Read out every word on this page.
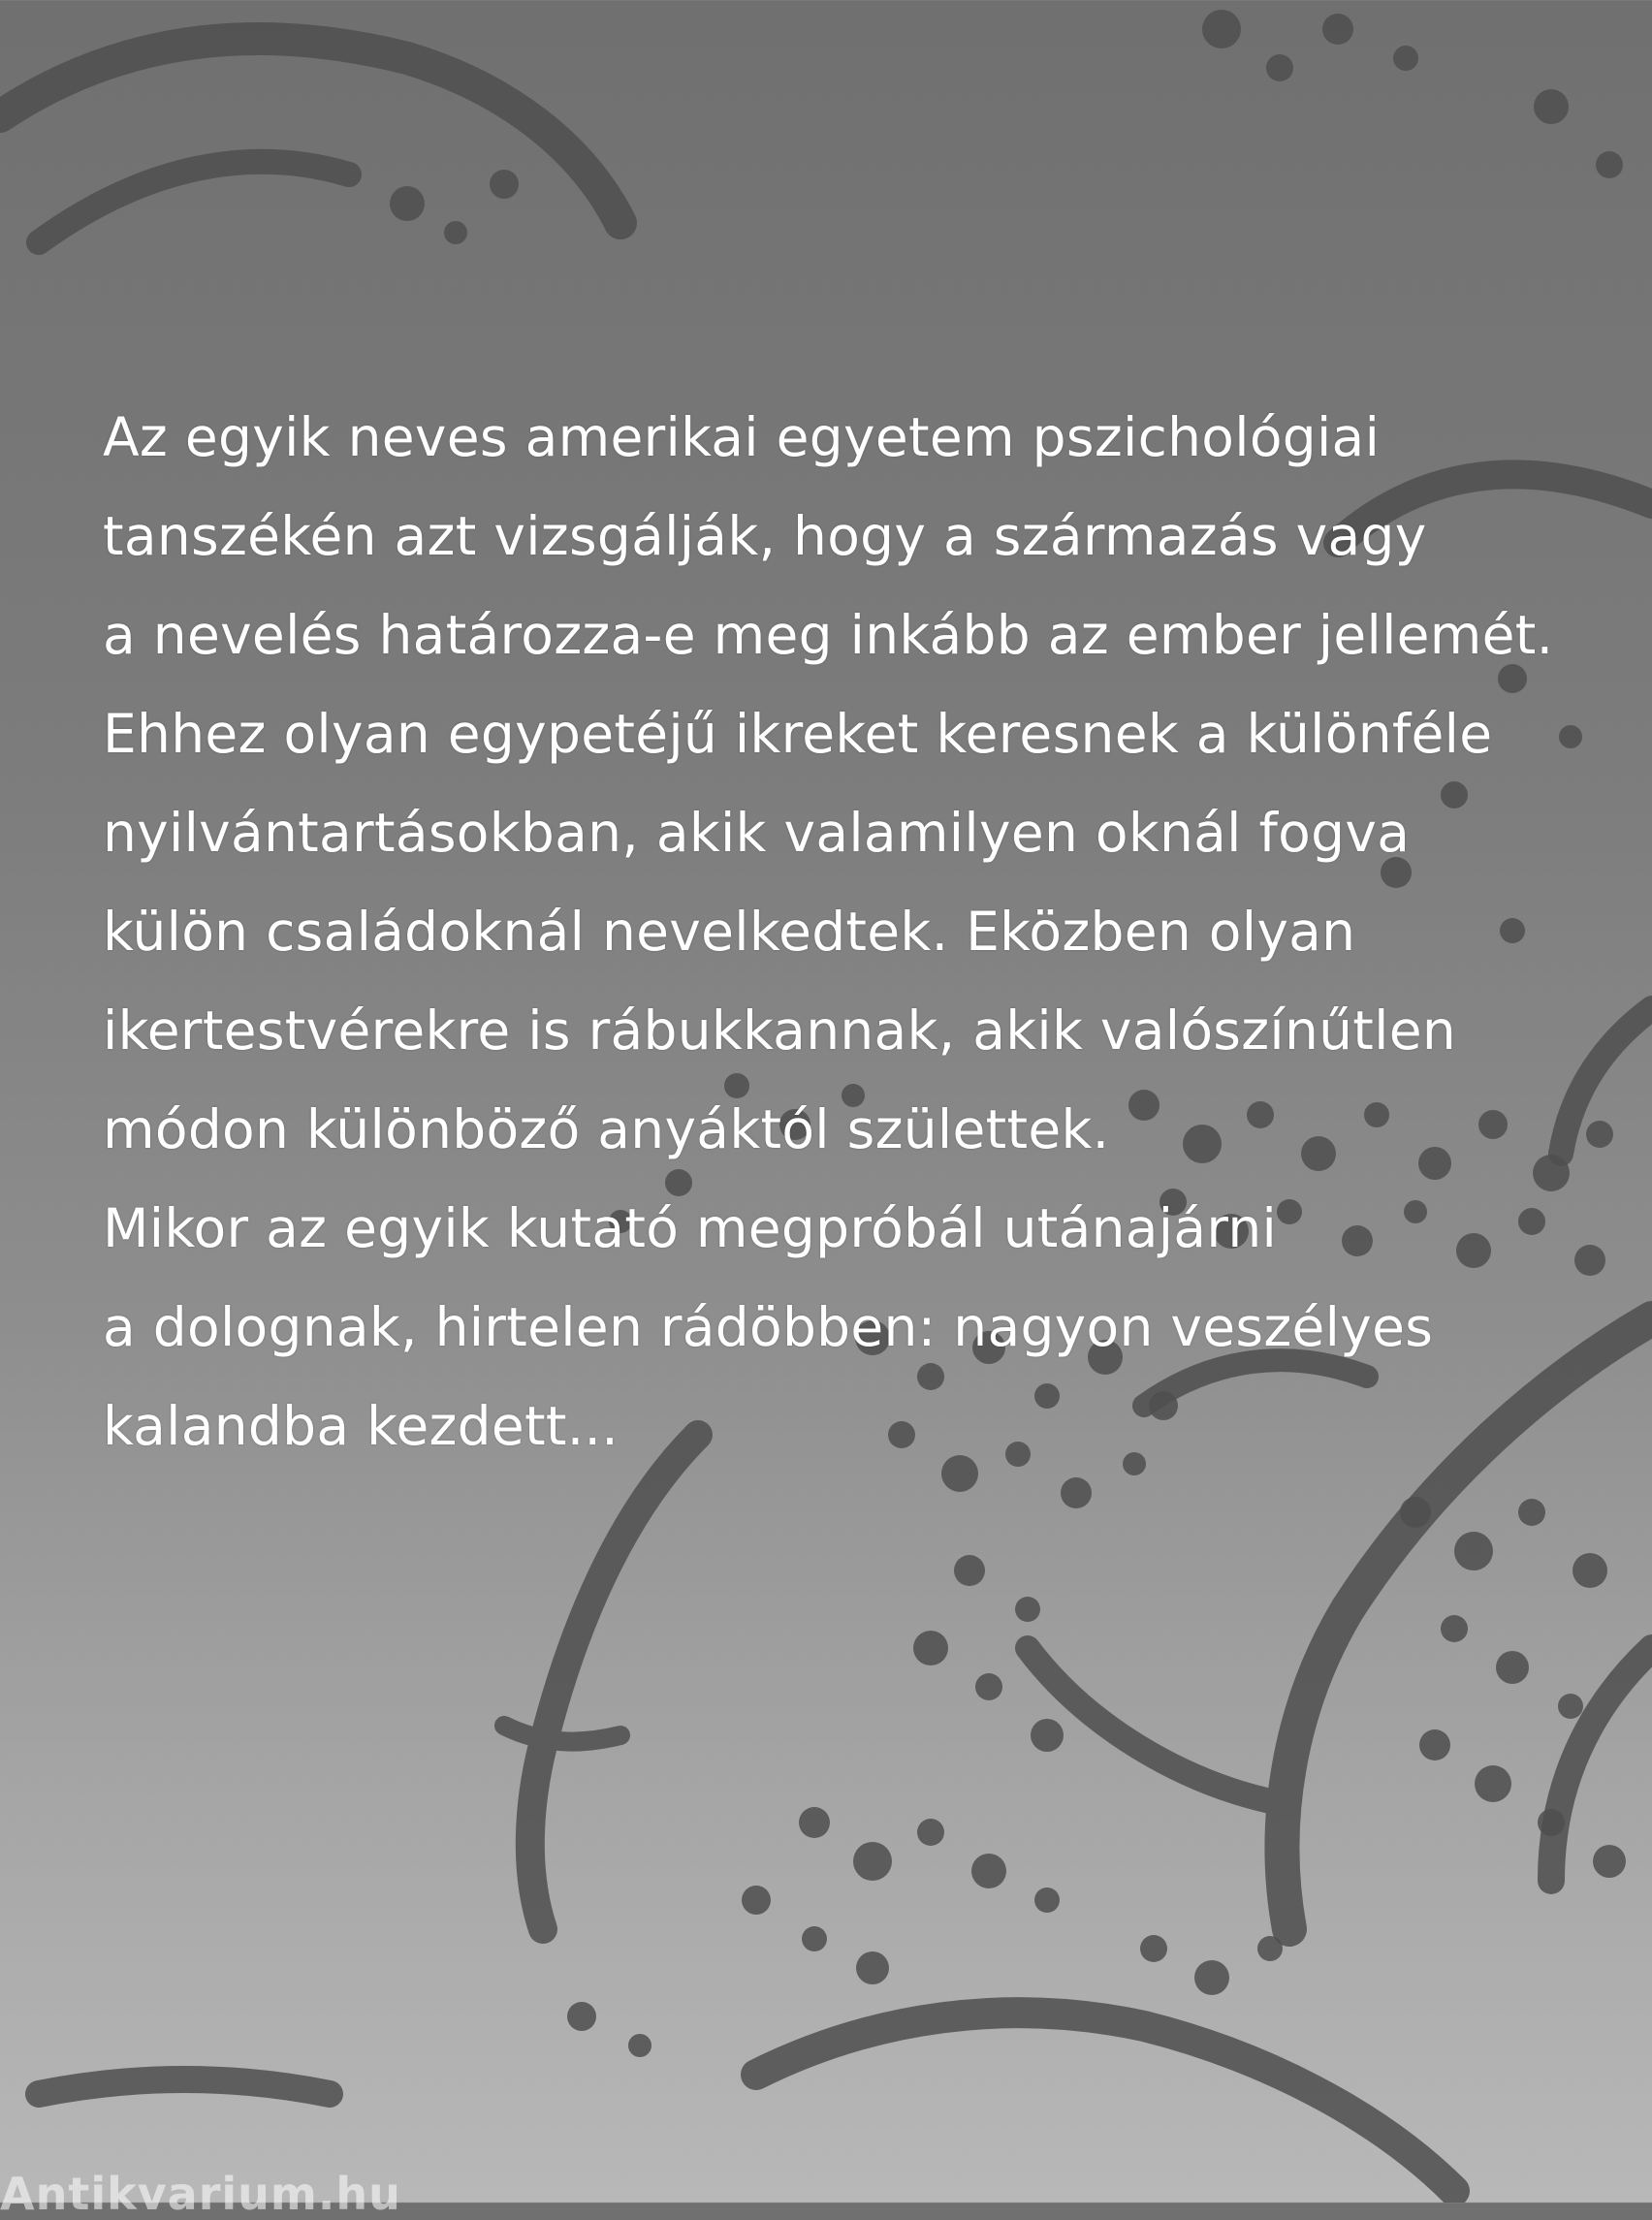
Az egyik neves amerikai egyetem pszichológiai
tanszékén azt vizsgálják, hogy a származás vagy
a nevelés határozza-e meg inkább az ember jellemét.
Ehhez olyan egypetéjű ikreket keresnek a különféle
nyilvántartásokban, akik valamilyen oknál fogva
külön családoknál nevelkedtek. Eközben olyan
ikertestvérekre is rábukkannak, akik valószínűtlen
módon különböző anyáktól születtek.
Mikor az egyik kutató megpróbál utánajárni
a dolognak, hirtelen rádöbben: nagyon veszélyes
kalandba kezdett...
Antikvarium.hu
